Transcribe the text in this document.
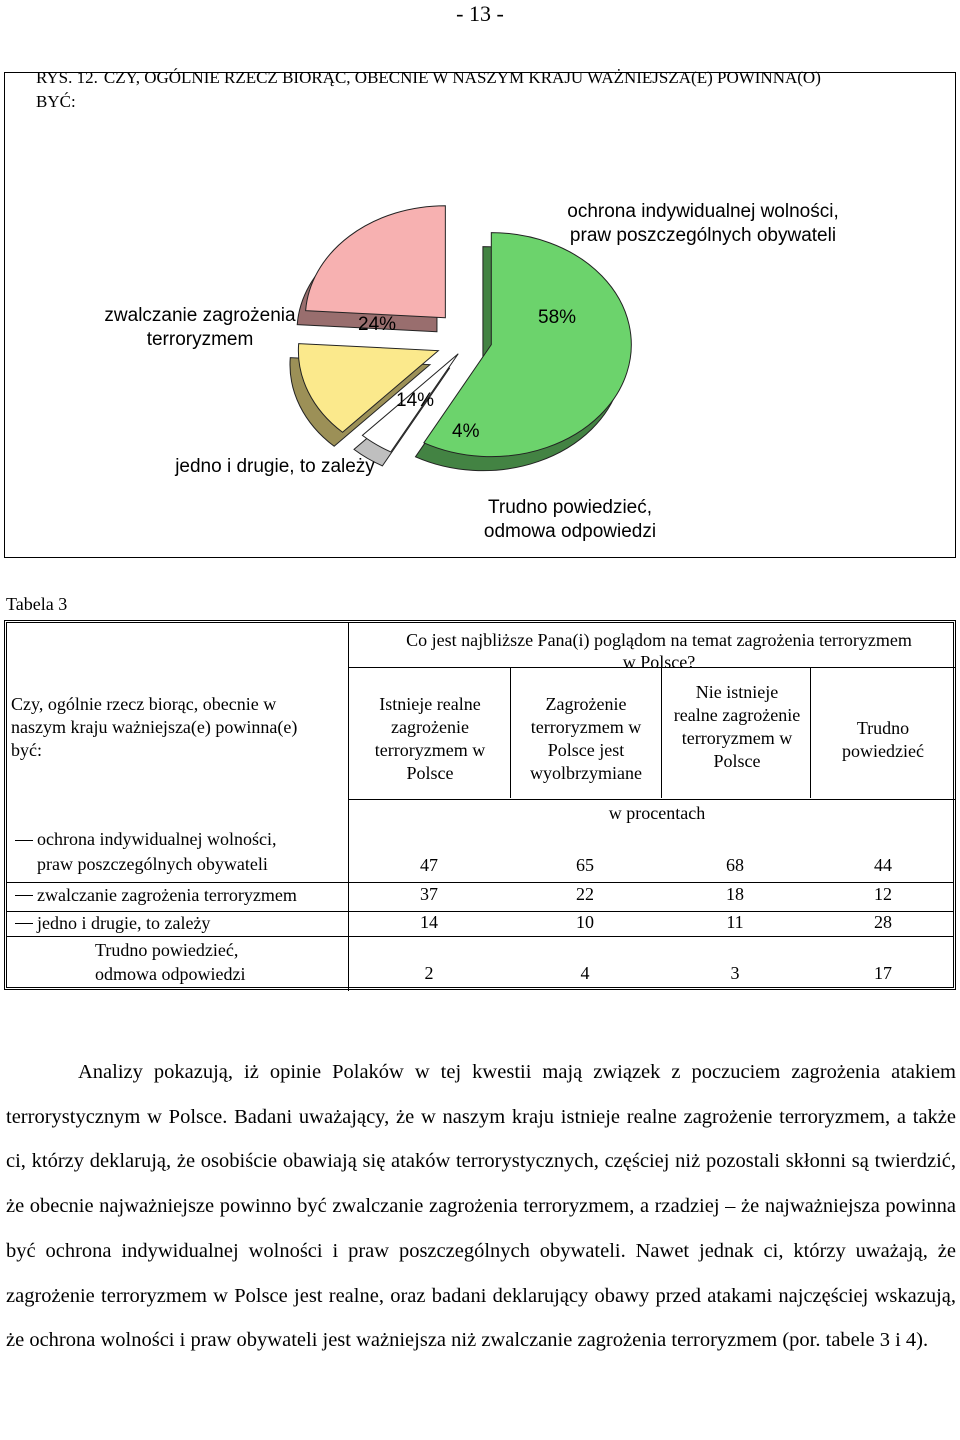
- 13 -
RYS. 12. CZY, OGÓLNIE RZECZ BIORĄC, OBECNIE W NASZYM KRAJU WAŻNIEJSZA(E) POWINNA(O) BYĆ:
ochrona indywidualnej wolności,
praw poszczególnych obywateli
zwalczanie zagrożenia
terroryzmem
jedno i drugie, to zależy
Trudno powiedzieć,
odmowa odpowiedzi
58%
24%
14%
4%
Tabela 3
Czy, ogólnie rzecz biorąc, obecnie w naszym kraju ważniejsza(e) powinna(e) być:
Co jest najbliższe Pana(i) poglądom na temat zagrożenia terroryzmem w Polsce?
Istnieje realne zagrożenie terroryzmem w Polsce
Zagrożenie terroryzmem w Polsce jest wyolbrzymiane
Nie istnieje realne zagrożenie terroryzmem w Polsce
Trudno powiedzieć
w procentach
ochrona indywidualnej wolności,
praw poszczególnych obywateli	47	65	68	44
zwalczanie zagrożenia terroryzmem	37	22	18	12
jedno i drugie, to zależy	14	10	11	28
Trudno powiedzieć,
odmowa odpowiedzi	2	4	3	17

Analizy pokazują, iż opinie Polaków w tej kwestii mają związek z poczuciem zagrożenia atakiem terrorystycznym w Polsce. Badani uważający, że w naszym kraju istnieje realne zagrożenie terroryzmem, a także ci, którzy deklarują, że osobiście obawiają się ataków terrorystycznych, częściej niż pozostali skłonni są twierdzić, że obecnie najważniejsze powinno być zwalczanie zagrożenia terroryzmem, a rzadziej – że najważniejsza powinna być ochrona indywidualnej wolności i praw poszczególnych obywateli. Nawet jednak ci, którzy uważają, że zagrożenie terroryzmem w Polsce jest realne, oraz badani deklarujący obawy przed atakami najczęściej wskazują, że ochrona wolności i praw obywateli jest ważniejsza niż zwalczanie zagrożenia terroryzmem (por. tabele 3 i 4).
